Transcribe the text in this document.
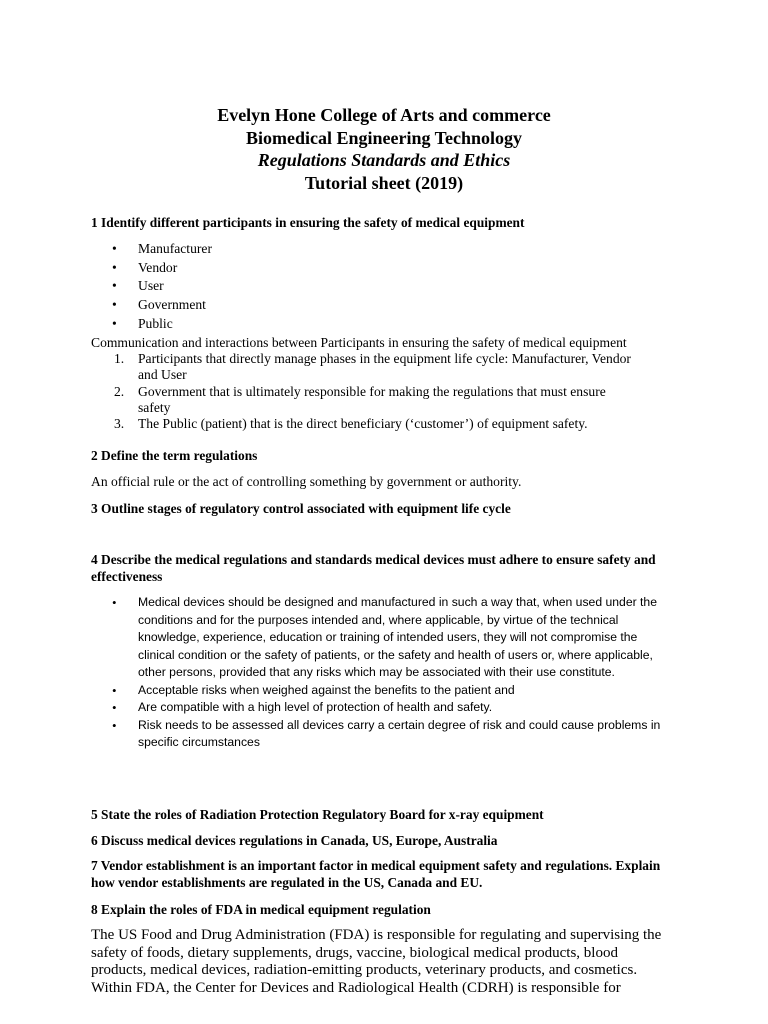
Evelyn Hone College of Arts and commerce
Biomedical Engineering Technology
Regulations Standards and Ethics
Tutorial sheet (2019)
1 Identify different participants in ensuring the safety of medical equipment
• Manufacturer
• Vendor
• User
• Government
• Public
Communication and interactions between Participants in ensuring the safety of medical equipment
1. Participants that directly manage phases in the equipment life cycle: Manufacturer, Vendor and User
2. Government that is ultimately responsible for making the regulations that must ensure safety
3. The Public (patient) that is the direct beneficiary (‘customer’) of equipment safety.
2 Define the term regulations
An official rule or the act of controlling something by government or authority.
3 Outline stages of regulatory control associated with equipment life cycle
4 Describe the medical regulations and standards medical devices must adhere to ensure safety and effectiveness
• Medical devices should be designed and manufactured in such a way that, when used under the conditions and for the purposes intended and, where applicable, by virtue of the technical knowledge, experience, education or training of intended users, they will not compromise the clinical condition or the safety of patients, or the safety and health of users or, where applicable, other persons, provided that any risks which may be associated with their use constitute.
• Acceptable risks when weighed against the benefits to the patient and
• Are compatible with a high level of protection of health and safety.
• Risk needs to be assessed all devices carry a certain degree of risk and could cause problems in specific circumstances
5 State the roles of Radiation Protection Regulatory Board for x-ray equipment
6 Discuss medical devices regulations in Canada, US, Europe, Australia
7 Vendor establishment is an important factor in medical equipment safety and regulations. Explain how vendor establishments are regulated in the US, Canada and EU.
8 Explain the roles of FDA in medical equipment regulation
The US Food and Drug Administration (FDA) is responsible for regulating and supervising the safety of foods, dietary supplements, drugs, vaccine, biological medical products, blood products, medical devices, radiation-emitting products, veterinary products, and cosmetics. Within FDA, the Center for Devices and Radiological Health (CDRH) is responsible for
